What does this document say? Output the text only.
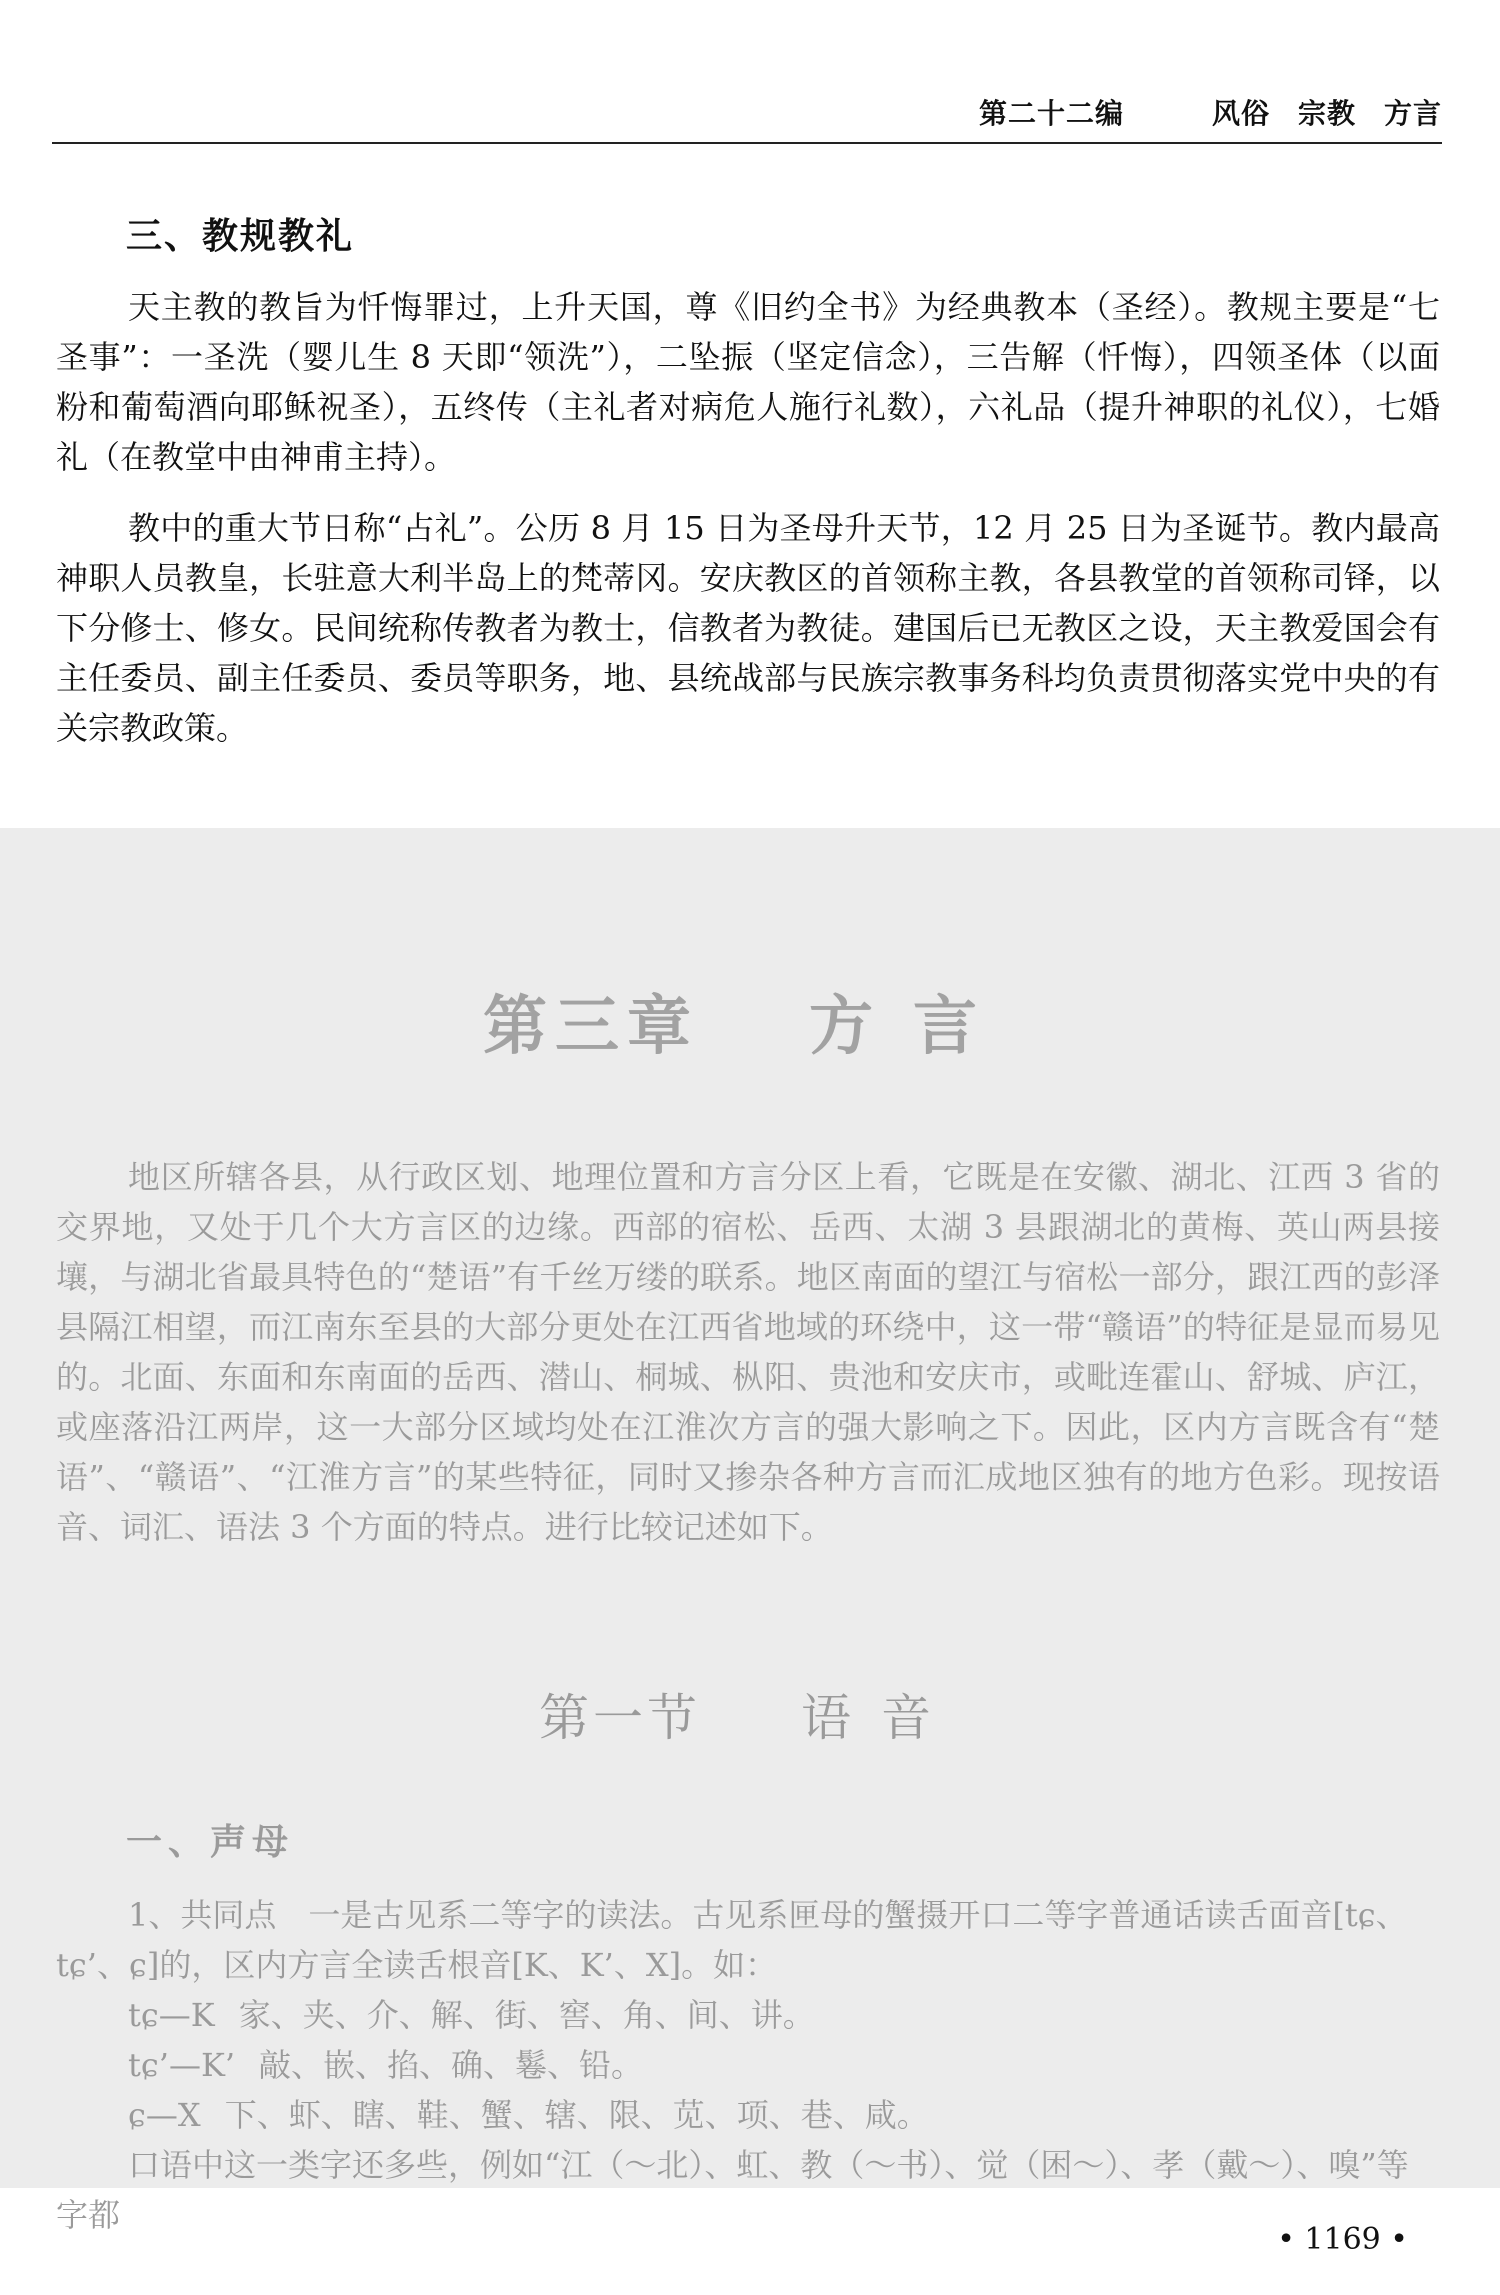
第二十二编	风俗 宗教 方言
三、教规教礼

天主教的教旨为忏悔罪过，上升天国，尊《旧约全书》为经典教本（圣经）。教规主要是“七圣事”：一圣洗（婴儿生 8 天即“领洗”），二坠振（坚定信念），三告解（忏悔），四领圣体（以面粉和葡萄酒向耶稣祝圣），五终传（主礼者对病危人施行礼数），六礼品（提升神职的礼仪），七婚礼（在教堂中由神甫主持）。

教中的重大节日称“占礼”。公历 8 月 15 日为圣母升天节，12 月 25 日为圣诞节。教内最高神职人员教皇，长驻意大利半岛上的梵蒂冈。安庆教区的首领称主教，各县教堂的首领称司铎，以下分修士、修女。民间统称传教者为教士，信教者为教徒。建国后已无教区之设，天主教爱国会有主任委员、副主任委员、委员等职务，地、县统战部与民族宗教事务科均负责贯彻落实党中央的有关宗教政策。

第三章 方言

地区所辖各县，从行政区划、地理位置和方言分区上看，它既是在安徽、湖北、江西 3 省的交界地，又处于几个大方言区的边缘。西部的宿松、岳西、太湖 3 县跟湖北的黄梅、英山两县接壤，与湖北省最具特色的“楚语”有千丝万缕的联系。地区南面的望江与宿松一部分，跟江西的彭泽县隔江相望，而江南东至县的大部分更处在江西省地域的环绕中，这一带“赣语”的特征是显而易见的。北面、东面和东南面的岳西、潜山、桐城、枞阳、贵池和安庆市，或毗连霍山、舒城、庐江，或座落沿江两岸，这一大部分区域均处在江淮次方言的强大影响之下。因此，区内方言既含有“楚语”、“赣语”、“江淮方言”的某些特征，同时又掺杂各种方言而汇成地区独有的地方色彩。现按语音、词汇、语法 3 个方面的特点。进行比较记述如下。

第一节 语音
一、声母

1、共同点　一是古见系二等字的读法。古见系匣母的蟹摄开口二等字普通话读舌面音[tɕ、tɕ’、ɕ]的，区内方言全读舌根音[K、K’、X]。如：

tɕ—K 家、夹、介、解、街、窖、角、间、讲。

tɕ’—K’ 敲、嵌、掐、确、鬈、铅。

ɕ—X 下、虾、瞎、鞋、蟹、辖、限、苋、项、巷、咸。

口语中这一类字还多些，例如“江（～北）、虹、教（～书）、觉（困～）、孝（戴～）、嗅”等字都

• 1169 •
